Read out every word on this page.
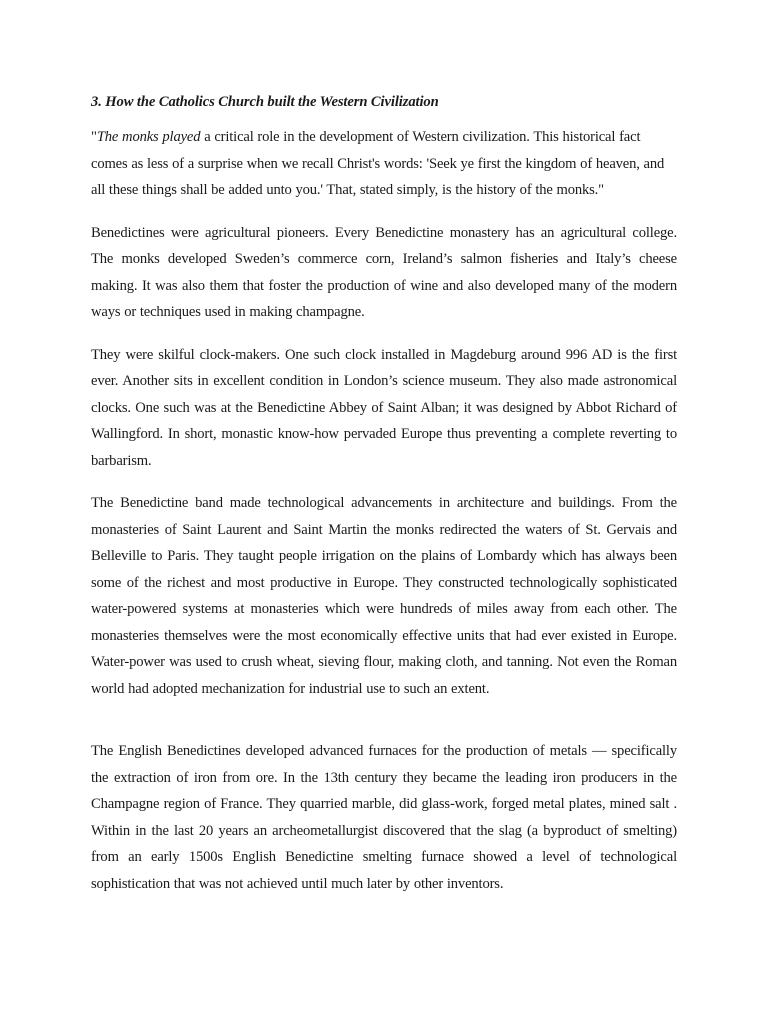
3. How the Catholics Church built the Western Civilization

"The monks played a critical role in the development of Western civilization. This historical fact comes as less of a surprise when we recall Christ's words: 'Seek ye first the kingdom of heaven, and all these things shall be added unto you.' That, stated simply, is the history of the monks."

Benedictines were agricultural pioneers. Every Benedictine monastery has an agricultural college. The monks developed Sweden’s commerce corn, Ireland’s salmon fisheries and Italy’s cheese making. It was also them that foster the production of wine and also developed many of the modern ways or techniques used in making champagne.

They were skilful clock-makers. One such clock installed in Magdeburg around 996 AD is the first ever. Another sits in excellent condition in London’s science museum. They also made astronomical clocks. One such was at the Benedictine Abbey of Saint Alban; it was designed by Abbot Richard of Wallingford. In short, monastic know-how pervaded Europe thus preventing a complete reverting to barbarism.

The Benedictine band made technological advancements in architecture and buildings. From the monasteries of Saint Laurent and Saint Martin the monks redirected the waters of St. Gervais and Belleville to Paris. They taught people irrigation on the plains of Lombardy which has always been some of the richest and most productive in Europe. They constructed technologically sophisticated water-powered systems at monasteries which were hundreds of miles away from each other. The monasteries themselves were the most economically effective units that had ever existed in Europe. Water-power was used to crush wheat, sieving flour, making cloth, and tanning. Not even the Roman world had adopted mechanization for industrial use to such an extent.

The English Benedictines developed advanced furnaces for the production of metals — specifically the extraction of iron from ore. In the 13th century they became the leading iron producers in the Champagne region of France. They quarried marble, did glass-work, forged metal plates, mined salt . Within in the last 20 years an archeometallurgist discovered that the slag (a byproduct of smelting) from an early 1500s English Benedictine smelting furnace showed a level of technological sophistication that was not achieved until much later by other inventors.
